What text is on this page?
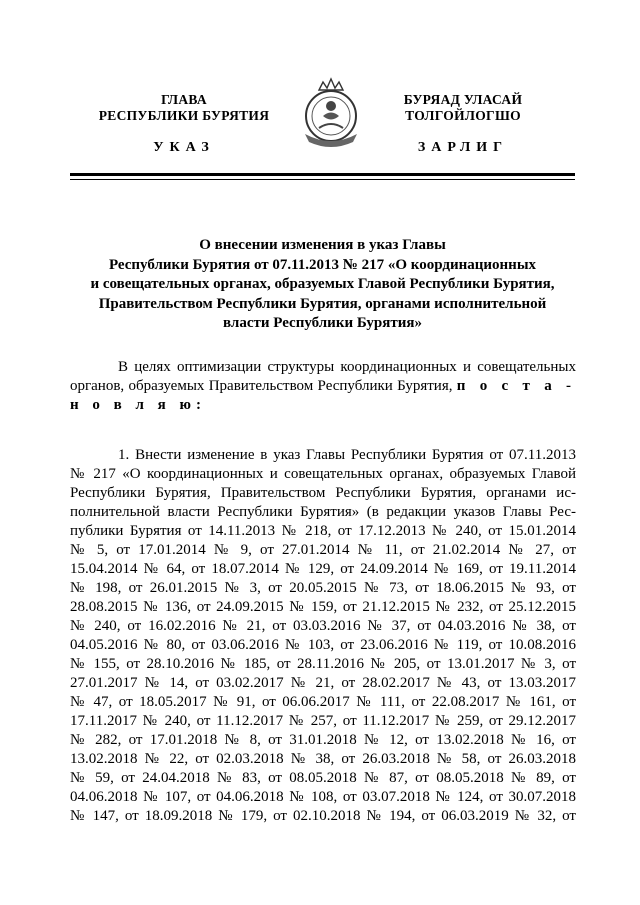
ГЛАВА
РЕСПУБЛИКИ БУРЯТИЯ
БУРЯАД УЛАСАЙ
ТОЛГОЙЛОГШО
УКАЗ	ЗАРЛИГ
О внесении изменения в указ Главы
Республики Бурятия от 07.11.2013 № 217 «О координационных
и совещательных органах, образуемых Главой Республики Бурятия,
Правительством Республики Бурятия, органами исполнительной
власти Республики Бурятия»
В целях оптимизации структуры координационных и совещательных
органов, образуемых Правительством Республики Бурятия, п о с т а -
н о в л я ю:
1. Внести изменение в указ Главы Республики Бурятия от 07.11.2013
№ 217 «О координационных и совещательных органах, образуемых Главой
Республики Бурятия, Правительством Республики Бурятия, органами ис-
полнительной власти Республики Бурятия» (в редакции указов Главы Рес-
публики Бурятия от 14.11.2013 № 218, от 17.12.2013 № 240, от 15.01.2014
№ 5, от 17.01.2014 № 9, от 27.01.2014 № 11, от 21.02.2014 № 27, от
15.04.2014 № 64, от 18.07.2014 № 129, от 24.09.2014 № 169, от 19.11.2014
№ 198, от 26.01.2015 № 3, от 20.05.2015 № 73, от 18.06.2015 № 93, от
28.08.2015 № 136, от 24.09.2015 № 159, от 21.12.2015 № 232, от 25.12.2015
№ 240, от 16.02.2016 № 21, от 03.03.2016 № 37, от 04.03.2016 № 38, от
04.05.2016 № 80, от 03.06.2016 № 103, от 23.06.2016 № 119, от 10.08.2016
№ 155, от 28.10.2016 № 185, от 28.11.2016 № 205, от 13.01.2017 № 3, от
27.01.2017 № 14, от 03.02.2017 № 21, от 28.02.2017 № 43, от 13.03.2017
№ 47, от 18.05.2017 № 91, от 06.06.2017 № 111, от 22.08.2017 № 161, от
17.11.2017 № 240, от 11.12.2017 № 257, от 11.12.2017 № 259, от 29.12.2017
№ 282, от 17.01.2018 № 8, от 31.01.2018 № 12, от 13.02.2018 № 16, от
13.02.2018 № 22, от 02.03.2018 № 38, от 26.03.2018 № 58, от 26.03.2018
№ 59, от 24.04.2018 № 83, от 08.05.2018 № 87, от 08.05.2018 № 89, от
04.06.2018 № 107, от 04.06.2018 № 108, от 03.07.2018 № 124, от 30.07.2018
№ 147, от 18.09.2018 № 179, от 02.10.2018 № 194, от 06.03.2019 № 32, от
